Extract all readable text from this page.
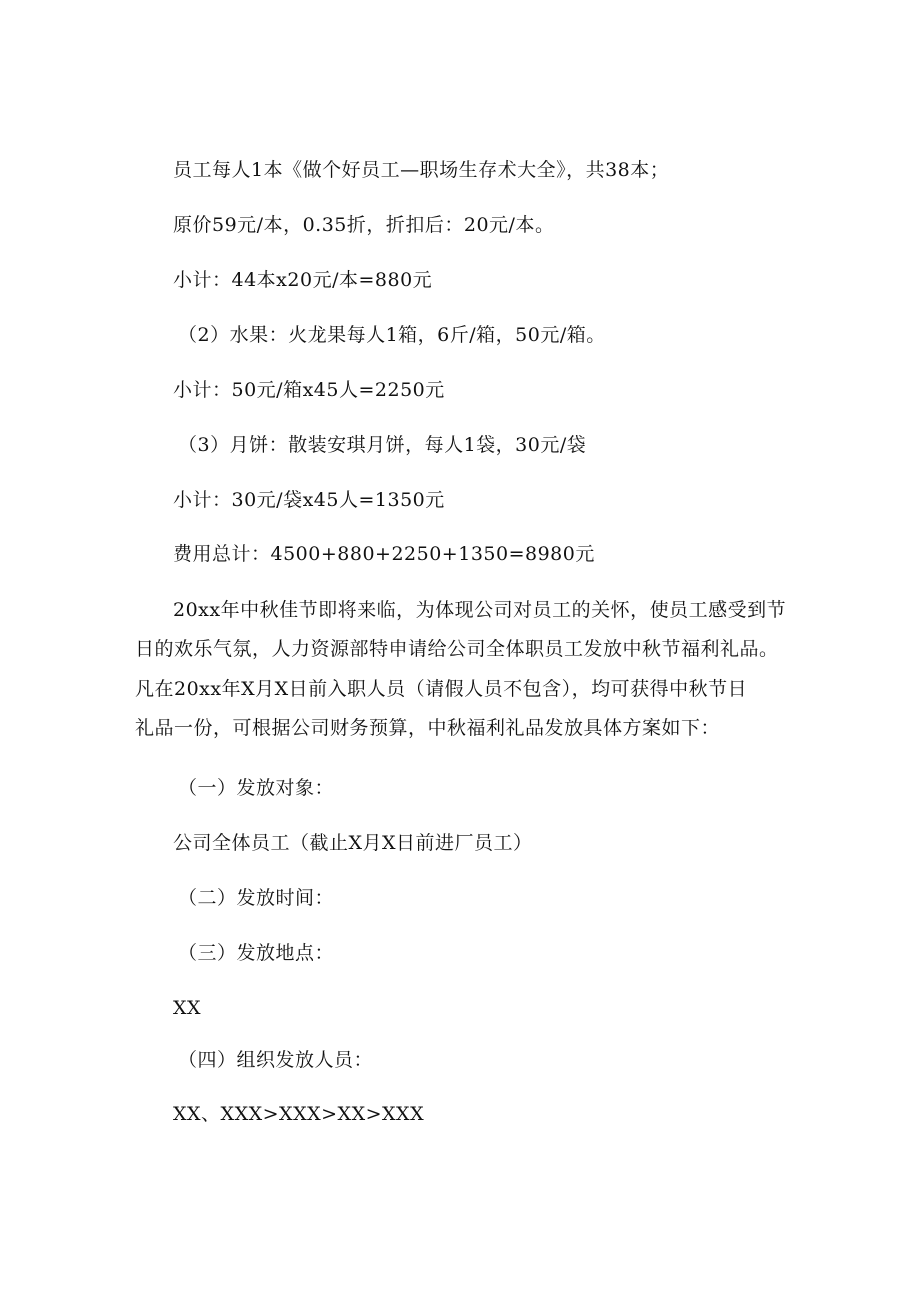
员工每人1本《做个好员工—职场生存术大全》，共38本；

原价59元/本，0.35折，折扣后：20元/本。

小计：44本x20元/本=880元

（2）水果：火龙果每人1箱，6斤/箱，50元/箱。

小计：50元/箱x45人=2250元

（3）月饼：散装安琪月饼，每人1袋，30元/袋

小计：30元/袋x45人=1350元

费用总计：4500+880+2250+1350=8980元

20xx年中秋佳节即将来临，为体现公司对员工的关怀，使员工感受到节

日的欢乐气氛，人力资源部特申请给公司全体职员工发放中秋节福利礼品。

凡在20xx年X月X日前入职人员（请假人员不包含），均可获得中秋节日

礼品一份，可根据公司财务预算，中秋福利礼品发放具体方案如下：

（一）发放对象：

公司全体员工（截止X月X日前进厂员工）

（二）发放时间：

（三）发放地点：

XX

（四）组织发放人员：

XX、XXX>XXX>XX>XXX
